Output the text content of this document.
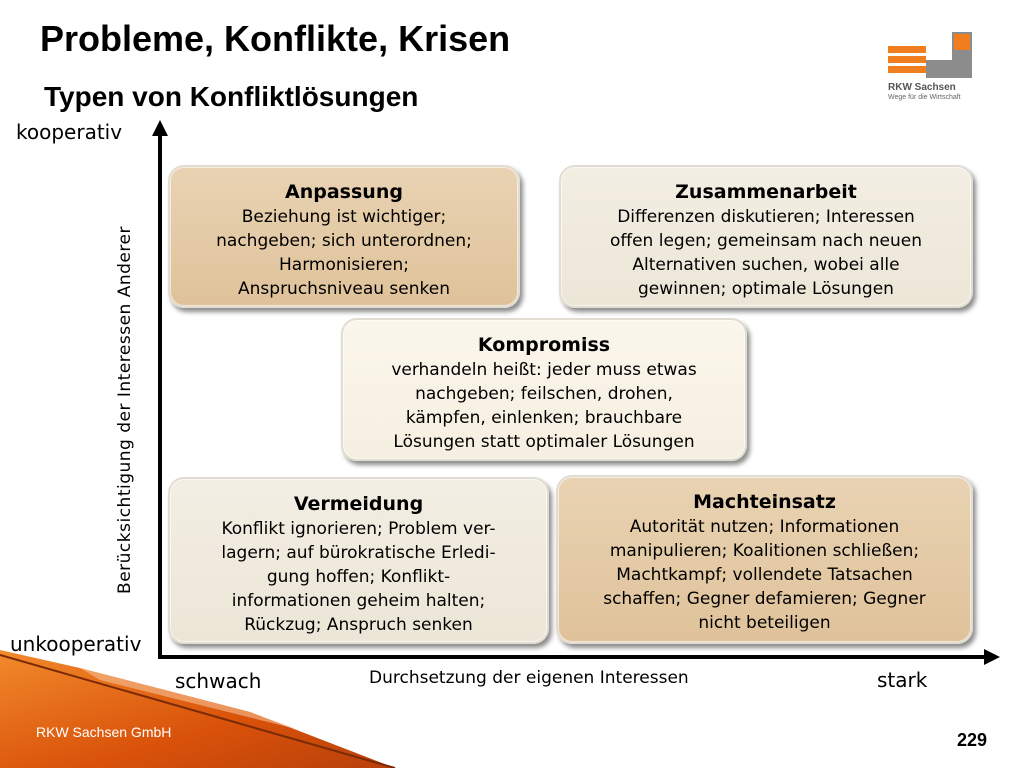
Probleme, Konflikte, Krisen
Typen von Konfliktlösungen	RKW Sachsen
Wege für die Wirtschaft
RKW Sachsen GmbH	229
kooperativ
unkooperativ
Berücksichtigung der Interessen Anderer
schwach	stark
Durchsetzung der eigenen Interessen
Anpassung
Beziehung ist wichtiger;
nachgeben; sich unterordnen;
Harmonisieren;
Anspruchsniveau senken
Zusammenarbeit
Differenzen diskutieren; Interessen
offen legen; gemeinsam nach neuen
Alternativen suchen, wobei alle
gewinnen; optimale Lösungen
Kompromiss
verhandeln heißt: jeder muss etwas
nachgeben; feilschen, drohen,
kämpfen, einlenken; brauchbare
Lösungen statt optimaler Lösungen
Vermeidung
Konflikt ignorieren; Problem ver-
lagern; auf bürokratische Erledi-
gung hoffen; Konflikt-
informationen geheim halten;
Rückzug; Anspruch senken
Machteinsatz
Autorität nutzen; Informationen
manipulieren; Koalitionen schließen;
Machtkampf; vollendete Tatsachen
schaffen; Gegner defamieren; Gegner
nicht beteiligen
